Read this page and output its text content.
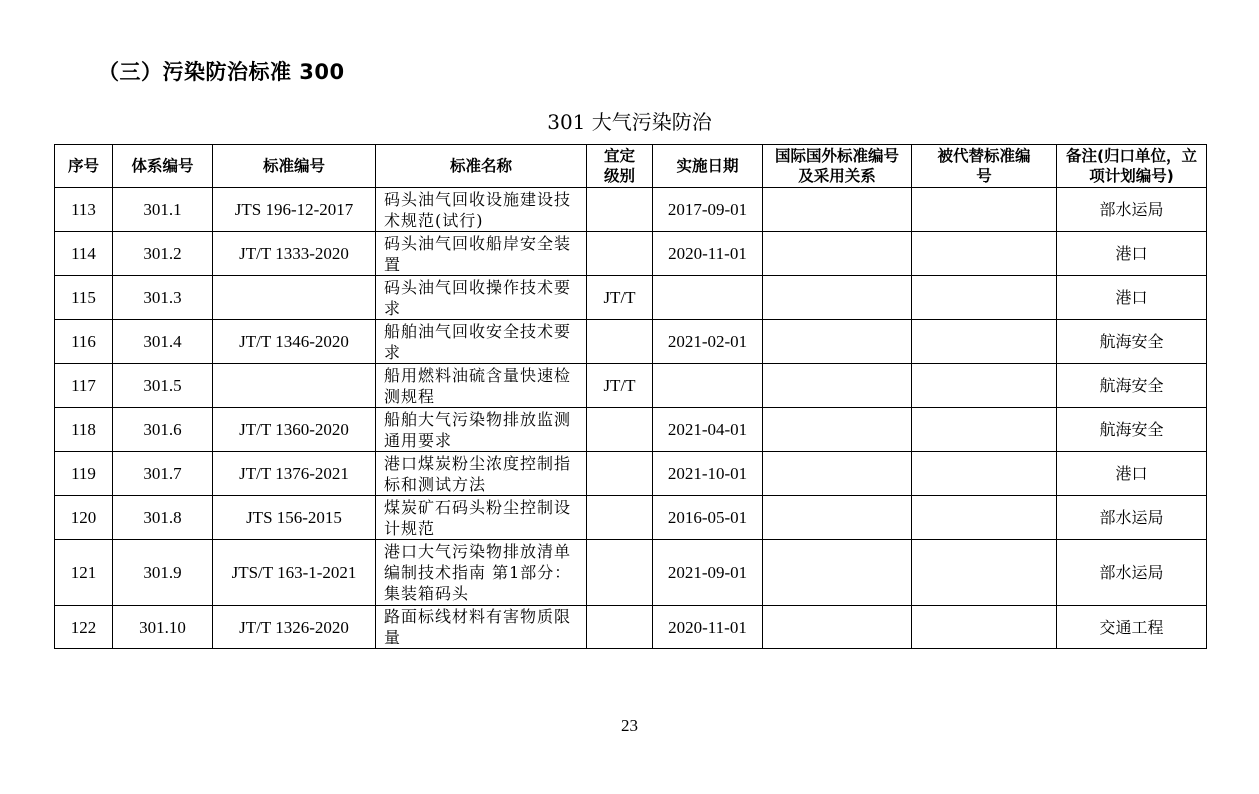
（三）污染防治标准 300
301 大气污染防治
序号	体系编号	标准编号	标准名称	宜定级别	实施日期	国际国外标准编号及采用关系	被代替标准编号	备注(归口单位，立项计划编号)
113	301.1	JTS 196-12-2017	码头油气回收设施建设技术规范(试行)		2017-09-01			部水运局
114	301.2	JT/T 1333-2020	码头油气回收船岸安全装置		2020-11-01			港口
115	301.3		码头油气回收操作技术要求	JT/T				港口
116	301.4	JT/T 1346-2020	船舶油气回收安全技术要求		2021-02-01			航海安全
117	301.5		船用燃料油硫含量快速检测规程	JT/T				航海安全
118	301.6	JT/T 1360-2020	船舶大气污染物排放监测通用要求		2021-04-01			航海安全
119	301.7	JT/T 1376-2021	港口煤炭粉尘浓度控制指标和测试方法		2021-10-01			港口
120	301.8	JTS 156-2015	煤炭矿石码头粉尘控制设计规范		2016-05-01			部水运局
121	301.9	JTS/T 163-1-2021	港口大气污染物排放清单编制技术指南 第1部分：集装箱码头		2021-09-01			部水运局
122	301.10	JT/T 1326-2020	路面标线材料有害物质限量		2020-11-01			交通工程
23
